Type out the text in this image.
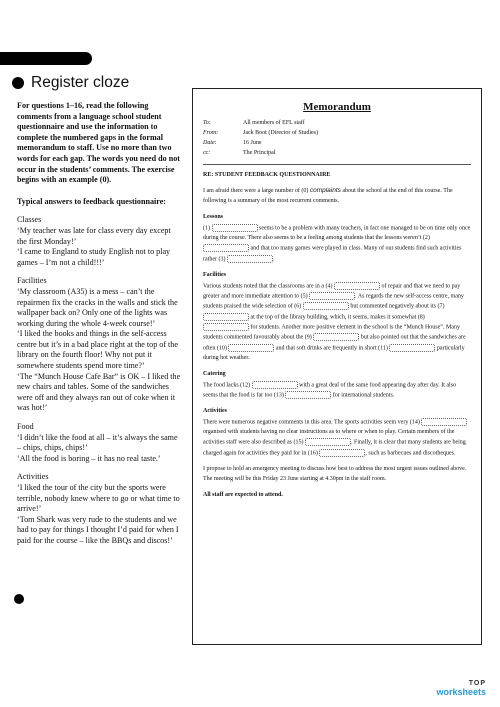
Register cloze

For questions 1–16, read the following comments from a language school student questionnaire and use the information to complete the numbered gaps in the formal memorandum to staff. Use no more than two words for each gap. The words you need do not occur in the students’ comments. The exercise begins with an example (0).

Typical answers to feedback questionnaire:

Classes

‘My teacher was late for class every day except the first Monday!’

‘I came to England to study English not to play games – I’m not a child!!!’

Facilities

‘My classroom (A35) is a mess – can’t the repairmen fix the cracks in the walls and stick the wallpaper back on? Only one of the lights was working during the whole 4-week course!’

‘I liked the books and things in the self-access centre but it’s in a bad place right at the top of the library on the fourth floor! Why not put it somewhere students spend more time?’

‘The “Munch House Cafe Bar” is OK – I liked the new chairs and tables. Some of the sandwiches were off and they always ran out of coke when it was hot!’

Food

‘I didn’t like the food at all – it’s always the same – chips, chips, chips!’

‘All the food is boring – it has no real taste.’

Activities

‘I liked the tour of the city but the sports were terrible, nobody knew where to go or what time to arrive!’

‘Tom Shark was very rude to the students and we had to pay for things I thought I’d paid for when I paid for the course – like the BBQs and discos!’

Memorandum
To:	All members of EFL staff
From:	Jack Boot (Director of Studies)
Date:	16 June
cc:	The Principal
RE: STUDENT FEEDBACK QUESTIONNAIRE

I am afraid there were a large number of (0) complaints about the school at the end of this course. The following is a summary of the most recurrent comments.

Lessons

(1)	seems to be a problem with many teachers, in fact one managed to be on time only once during the course. There also seems to be a feeling among students that the lessons weren’t (2)  and that too many games were played in class. Many of our students find such activities rather (3)	.

Facilities

Various students noted that the classrooms are in a (4)	of repair and that we need to pay greater and more immediate attention to (5)	. As regards the new self-access centre, many students praised the wide selection of (6)	but commented negatively about its (7)  at the top of the library building, which, it seems, makes it somewhat (8)  for students. Another more positive element in the school is the “Munch House”. Many students commented favourably about the (9)	but also pointed out that the sandwiches are often (10)	and that soft drinks are frequently in short (11)	particularly during hot weather.

Catering

The food lacks (12)	with a great deal of the same food appearing day after day. It also seems that the food is far too (13)	for international students.

Activities

There were numerous negative comments in this area. The sports activities seem very (14)  organised with students having no clear instructions as to where or when to play. Certain members of the activities staff were also described as (15)	. Finally, it is clear that many students are being charged again for activities they paid for in (16)	, such as barbecues and discotheques.

I propose to hold an emergency meeting to discuss how best to address the most urgent issues outlined above. The meeting will be this Friday 23 June starting at 4.30pm in the staff room.

All staff are expected to attend.

TOP
worksheets
